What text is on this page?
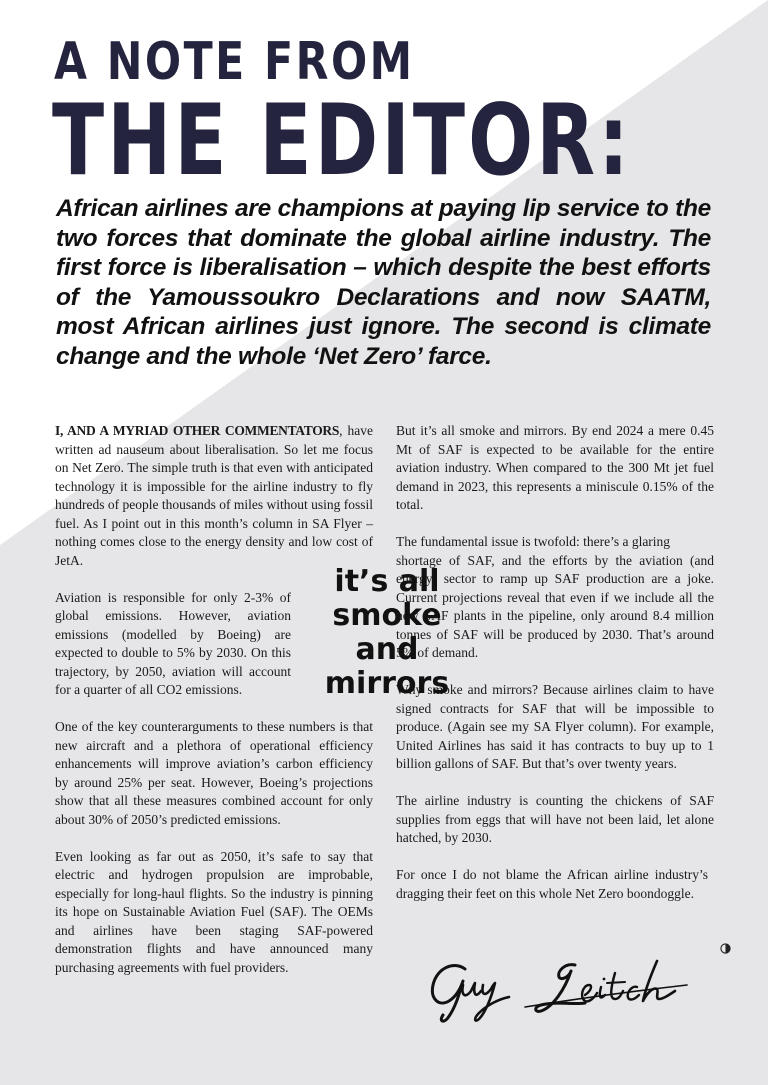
A NOTE FROM
THE EDITOR:
African airlines are champions at paying lip service to the two forces that dominate the global airline industry. The first force is liberalisation – which despite the best efforts of the Yamoussoukro Declarations and now SAATM, most African airlines just ignore. The second is climate change and the whole ‘Net Zero’ farce.

I, AND A MYRIAD OTHER COMMENTATORS, have written ad nauseum about liberalisation. So let me focus on Net Zero. The simple truth is that even with anticipated technology it is impossible for the airline industry to fly hundreds of people thousands of miles without using fossil fuel. As I point out in this month’s column in SA Flyer – nothing comes close to the energy density and low cost of JetA.

Aviation is responsible for only 2-3% of global emissions. However, aviation emissions (modelled by Boeing) are expected to double to 5% by 2030. On this trajectory, by 2050, aviation will account for a quarter of all CO2 emissions.

One of the key counterarguments to these numbers is that new aircraft and a plethora of operational efficiency enhancements will improve aviation’s carbon efficiency by around 25% per seat. However, Boeing’s projections show that all these measures combined account for only about 30% of 2050’s predicted emissions.

Even looking as far out as 2050, it’s safe to say that electric and hydrogen propulsion are improbable, especially for long-haul flights. So the industry is pinning its hope on Sustainable Aviation Fuel (SAF). The OEMs and airlines have been staging SAF-powered demonstration flights and have announced many purchasing agreements with fuel providers.

But it’s all smoke and mirrors. By end 2024 a mere 0.45 Mt of SAF is expected to be available for the entire aviation industry. When compared to the 300 Mt jet fuel demand in 2023, this represents a miniscule 0.15% of the total.

The fundamental issue is twofold: there’s a glaring

shortage of SAF, and the efforts by the aviation (and energy) sector to ramp up SAF production are a joke. Current projections reveal that even if we include all the new SAF plants in the pipeline, only around 8.4 million tonnes of SAF will be produced by 2030. That’s around 5% of demand.

Why smoke and mirrors? Because airlines claim to have signed contracts for SAF that will be impossible to produce. (Again see my SA Flyer column). For example, United Airlines has said it has contracts to buy up to 1 billion gallons of SAF. But that’s over twenty years.

The airline industry is counting the chickens of SAF supplies from eggs that will have not been laid, let alone hatched, by 2030.

For once I do not blame the African airline industry’s dragging their feet on this whole Net Zero boondoggle.

it’s all smoke and mirrors
